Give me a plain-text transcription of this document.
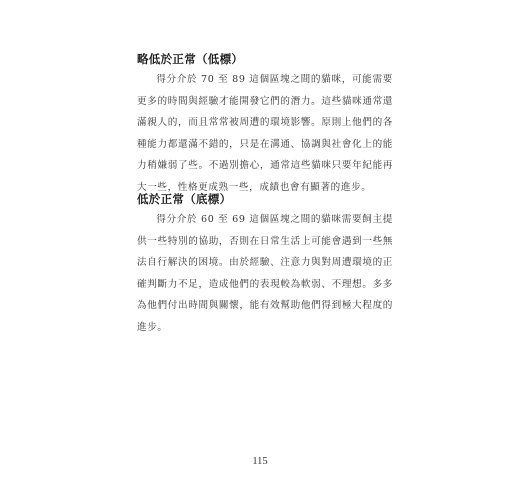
略低於正常（低標）

得分介於 70 至 89 這個區塊之間的貓咪，可能需要更多的時間與經驗才能開發它們的潛力。這些貓咪通常還滿親人的，而且常常被周遭的環境影響。原則上他們的各種能力都還滿不錯的，只是在溝通、協調與社會化上的能力稍嫌弱了些。不過別擔心，通常這些貓咪只要年紀能再大一些，性格更成熟一些，成績也會有顯著的進步。

低於正常（底標）

得分介於 60 至 69 這個區塊之間的貓咪需要飼主提供一些特別的協助，否則在日常生活上可能會遇到一些無法自行解決的困境。由於經驗、注意力與對周遭環境的正確判斷力不足，造成他們的表現較為軟弱、不理想。多多為他們付出時間與關懷，能有效幫助他們得到極大程度的進步。

115
